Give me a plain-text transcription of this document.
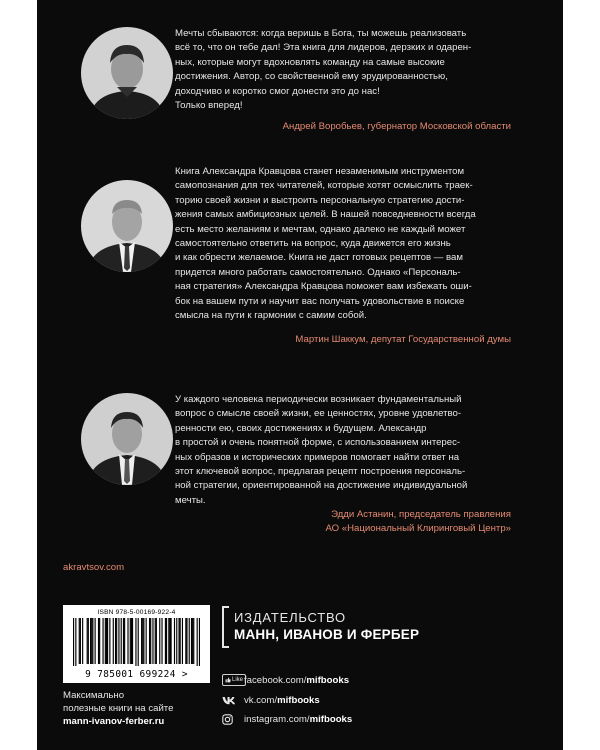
Мечты сбываются: когда веришь в Бога, ты можешь реализовать

всё то, что он тебе дал! Эта книга для лидеров, дерзких и одарен-

ных, которые могут вдохновлять команду на самые высокие

достижения. Автор, со свойственной ему эрудированностью,

доходчиво и коротко смог донести это до нас!

Только вперед!

Андрей Воробьев, губернатор Московской области

Книга Александра Кравцова станет незаменимым инструментом

самопознания для тех читателей, которые хотят осмыслить траек-

торию своей жизни и выстроить персональную стратегию дости-

жения самых амбициозных целей. В нашей повседневности всегда

есть место желаниям и мечтам, однако далеко не каждый может

самостоятельно ответить на вопрос, куда движется его жизнь

и как обрести желаемое. Книга не даст готовых рецептов — вам

придется много работать самостоятельно. Однако «Персональ-

ная стратегия» Александра Кравцова поможет вам избежать оши-

бок на вашем пути и научит вас получать удовольствие в поиске

смысла на пути к гармонии с самим собой.

Мартин Шаккум, депутат Государственной думы

У каждого человека периодически возникает фундаментальный

вопрос о смысле своей жизни, ее ценностях, уровне удовлетво-

ренности ею, своих достижениях и будущем. Александр

в простой и очень понятной форме, с использованием интерес-

ных образов и исторических примеров помогает найти ответ на

этот ключевой вопрос, предлагая рецепт построения персональ-

ной стратегии, ориентированной на достижение индивидуальной

мечты.

Эдди Астанин, председатель правления
АО «Национальный Клиринговый Центр»
akravtsov.com
ISBN 978-5-00169-922-4
9 785001 699224 >
Максимально
полезные книги на сайте
mann-ivanov-ferber.ru
ИЗДАТЕЛЬСТВО
МАНН, ИВАНОВ И ФЕРБЕР
Like facebook.com/ mifbooks
vk.com/ mifbooks
instagram.com/ mifbooks
